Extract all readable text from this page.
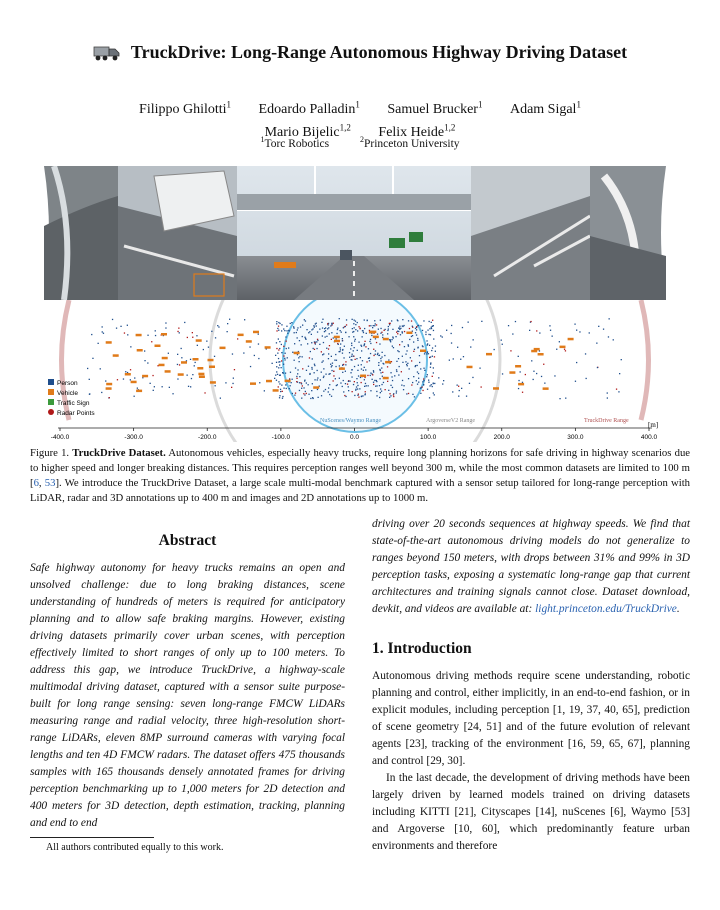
TruckDrive: Long-Range Autonomous Highway Driving Dataset
Filippo Ghilotti$^1$ Edoardo Palladin$^1$ Samuel Brucker$^1$ Adam Sigal$^1$
Mario Bijelic$^{1,2}$ Felix Heide$^{1,2}$
$^1$Torc Robotics	$^2$Princeton University
Person
Vehicle
Traffic Sign
Radar Points
NuScenes/Waymo Range	ArgoverseV2 Range	TruckDrive Range	[m]
-400.0	-300.0	-200.0	-100.0	0.0	100.0	200.0	300.0	400.0
Figure 1. TruckDrive Dataset. Autonomous vehicles, especially heavy trucks, require long planning horizons for safe driving in highway scenarios due to higher speed and longer breaking distances. This requires perception ranges well beyond 300 m, while the most common datasets are limited to 100 m [6, 53]. We introduce the TruckDrive Dataset, a large scale multi-modal benchmark captured with a sensor setup tailored for long-range perception with LiDAR, radar and 3D annotations up to 400 m and images and 2D annotations up to 1000 m.
Abstract

Safe highway autonomy for heavy trucks remains an open and unsolved challenge: due to long braking distances, scene understanding of hundreds of meters is required for anticipatory planning and to allow safe braking margins. However, existing driving datasets primarily cover urban scenes, with perception effectively limited to short ranges of only up to 100 meters. To address this gap, we introduce TruckDrive, a highway-scale multimodal driving dataset, captured with a sensor suite purpose-built for long range sensing: seven long-range FMCW LiDARs measuring range and radial velocity, three high-resolution short-range LiDARs, eleven 8MP surround cameras with varying focal lengths and ten 4D FMCW radars. The dataset offers 475 thousands samples with 165 thousands densely annotated frames for driving perception benchmarking up to 1,000 meters for 2D detection and 400 meters for 3D detection, depth estimation, tracking, planning and end to end

All authors contributed equally to this work.

driving over 20 seconds sequences at highway speeds. We find that state-of-the-art autonomous driving models do not generalize to ranges beyond 150 meters, with drops between 31% and 99% in 3D perception tasks, exposing a systematic long-range gap that current architectures and training signals cannot close. Dataset download, devkit, and videos are available at: light.princeton.edu/TruckDrive.

1. Introduction

Autonomous driving methods require scene understanding, robotic planning and control, either implicitly, in an end-to-end fashion, or in explicit modules, including perception [1, 19, 37, 40, 65], prediction of scene geometry [24, 51] and of the future evolution of relevant agents [23], tracking of the environment [16, 59, 65, 67], planning and control [29, 30].

In the last decade, the development of driving methods have been largely driven by learned models trained on driving datasets including KITTI [21], Cityscapes [14], nuScenes [6], Waymo [53] and Argoverse [10, 60], which predominantly feature urban environments and therefore
